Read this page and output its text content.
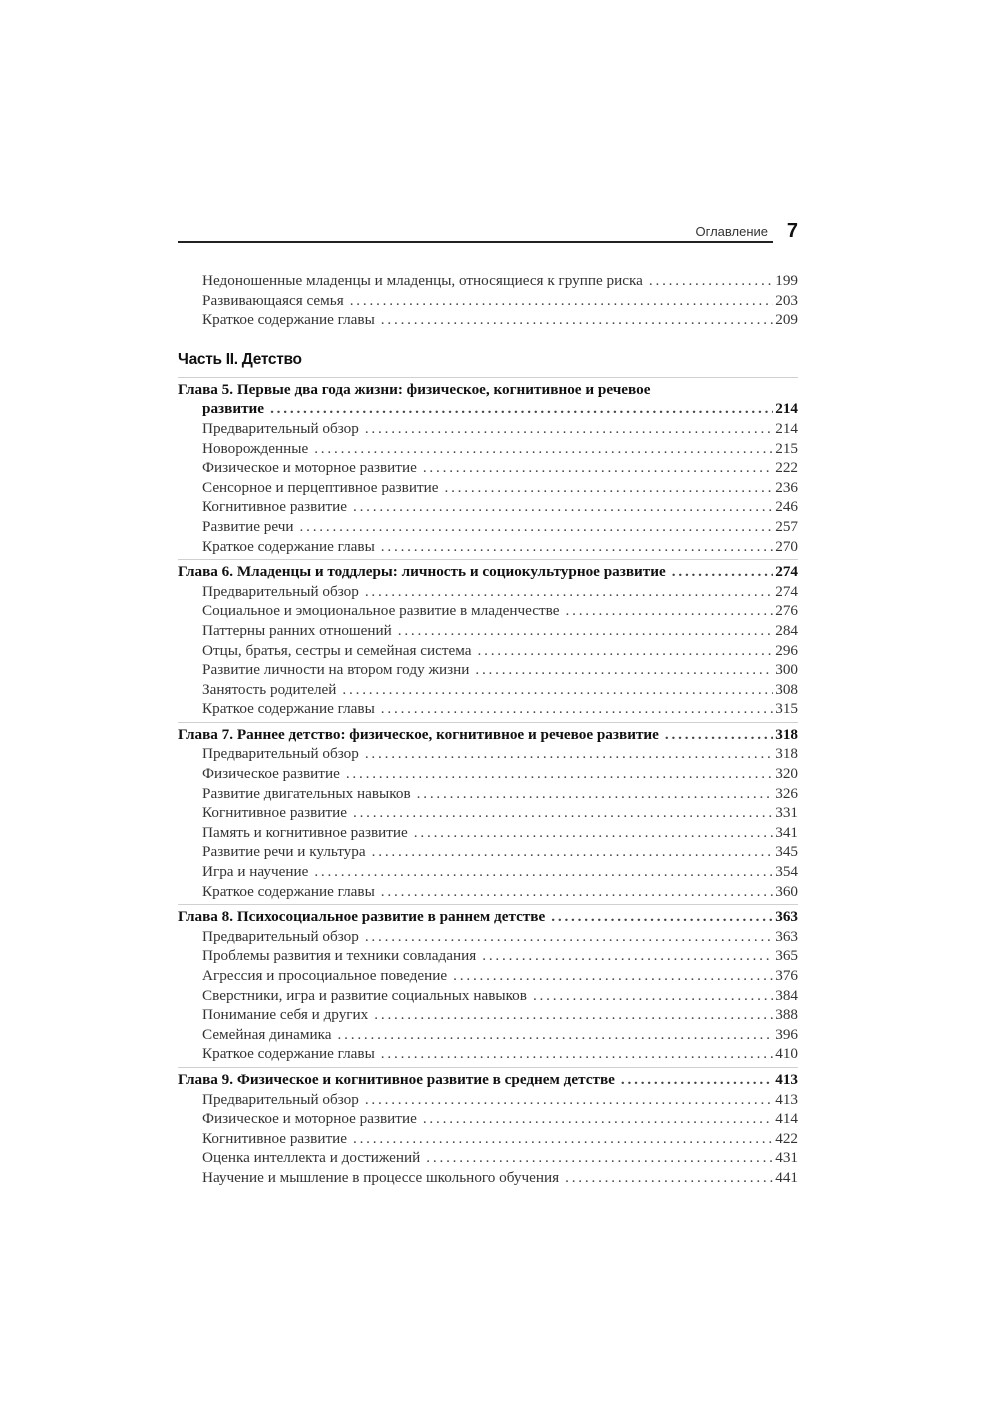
Оглавление 7
Недоношенные младенцы и младенцы, относящиеся к группе риска . . .	199
Развивающаяся семья . . .	203
Краткое содержание главы . . .	209
Часть II. Детство
Глава 5. Первые два года жизни: физическое, когнитивное и речевое
развитие . . .	214
Предварительный обзор . . .	214
Новорожденные . . .	215
Физическое и моторное развитие . . .	222
Сенсорное и перцептивное развитие . . .	236
Когнитивное развитие . . .	246
Развитие речи . . .	257
Краткое содержание главы . . .	270
Глава 6. Младенцы и тоддлеры: личность и социокультурное развитие . . .	274
Предварительный обзор . . .	274
Социальное и эмоциональное развитие в младенчестве . . .	276
Паттерны ранних отношений . . .	284
Отцы, братья, сестры и семейная система . . .	296
Развитие личности на втором году жизни . . .	300
Занятость родителей . . .	308
Краткое содержание главы . . .	315
Глава 7. Раннее детство: физическое, когнитивное и речевое развитие . . .	318
Предварительный обзор . . .	318
Физическое развитие . . .	320
Развитие двигательных навыков . . .	326
Когнитивное развитие . . .	331
Память и когнитивное развитие . . .	341
Развитие речи и культура . . .	345
Игра и научение . . .	354
Краткое содержание главы . . .	360
Глава 8. Психосоциальное развитие в раннем детстве . . .	363
Предварительный обзор . . .	363
Проблемы развития и техники совладания . . .	365
Агрессия и просоциальное поведение . . .	376
Сверстники, игра и развитие социальных навыков . . .	384
Понимание себя и других . . .	388
Семейная динамика . . .	396
Краткое содержание главы . . .	410
Глава 9. Физическое и когнитивное развитие в среднем детстве . . .	413
Предварительный обзор . . .	413
Физическое и моторное развитие . . .	414
Когнитивное развитие . . .	422
Оценка интеллекта и достижений . . .	431
Научение и мышление в процессе школьного обучения . . .	441
